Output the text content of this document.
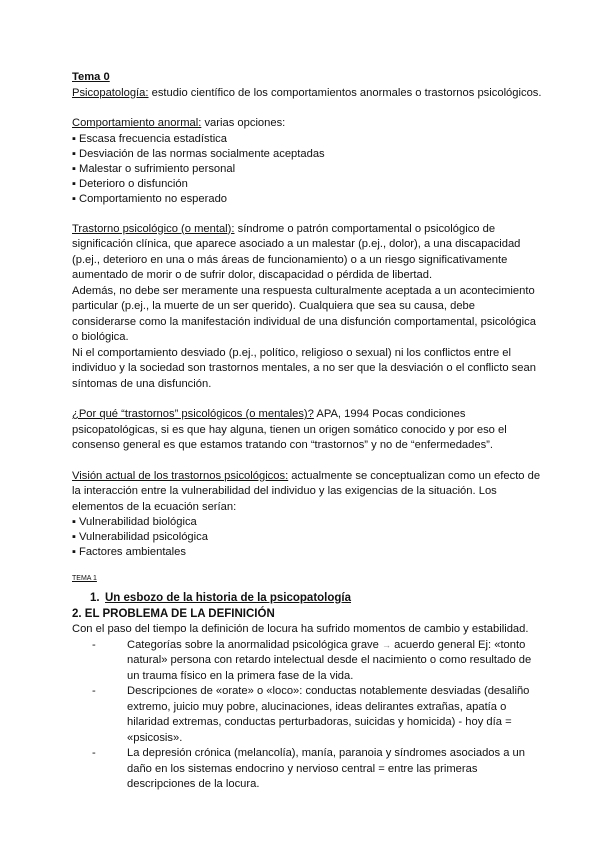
Tema 0

Psicopatología: estudio científico de los comportamientos anormales o trastornos psicológicos.

Comportamiento anormal: varias opciones:

▪ Escasa frecuencia estadística
▪ Desviación de las normas socialmente aceptadas
▪ Malestar o sufrimiento personal
▪ Deterioro o disfunción
▪ Comportamiento no esperado

Trastorno psicológico (o mental): síndrome o patrón comportamental o psicológico de significación clínica, que aparece asociado a un malestar (p.ej., dolor), a una discapacidad (p.ej., deterioro en una o más áreas de funcionamiento) o a un riesgo significativamente aumentado de morir o de sufrir dolor, discapacidad o pérdida de libertad.

Además, no debe ser meramente una respuesta culturalmente aceptada a un acontecimiento particular (p.ej., la muerte de un ser querido). Cualquiera que sea su causa, debe considerarse como la manifestación individual de una disfunción comportamental, psicológica o biológica.

Ni el comportamiento desviado (p.ej., político, religioso o sexual) ni los conflictos entre el individuo y la sociedad son trastornos mentales, a no ser que la desviación o el conflicto sean síntomas de una disfunción.

¿Por qué “trastornos” psicológicos (o mentales)? APA, 1994 Pocas condiciones psicopatológicas, si es que hay alguna, tienen un origen somático conocido y por eso el consenso general es que estamos tratando con “trastornos” y no de “enfermedades”.

Visión actual de los trastornos psicológicos: actualmente se conceptualizan como un efecto de la interacción entre la vulnerabilidad del individuo y las exigencias de la situación. Los elementos de la ecuación serían:

▪ Vulnerabilidad biológica
▪ Vulnerabilidad psicológica
▪ Factores ambientales

TEMA 1

1. Un esbozo de la historia de la psicopatología

2. EL PROBLEMA DE LA DEFINICIÓN

Con el paso del tiempo la definición de locura ha sufrido momentos de cambio y estabilidad.

-	Categorías sobre la anormalidad psicológica grave → acuerdo general Ej: «tonto natural» persona con retardo intelectual desde el nacimiento o como resultado de un trauma físico en la primera fase de la vida.
-	Descripciones de «orate» o «loco»: conductas notablemente desviadas (desaliño extremo, juicio muy pobre, alucinaciones, ideas delirantes extrañas, apatía o hilaridad extremas, conductas perturbadoras, suicidas y homicida) - hoy día = «psicosis».
-	La depresión crónica (melancolía), manía, paranoia y síndromes asociados a un daño en los sistemas endocrino y nervioso central = entre las primeras descripciones de la locura.
